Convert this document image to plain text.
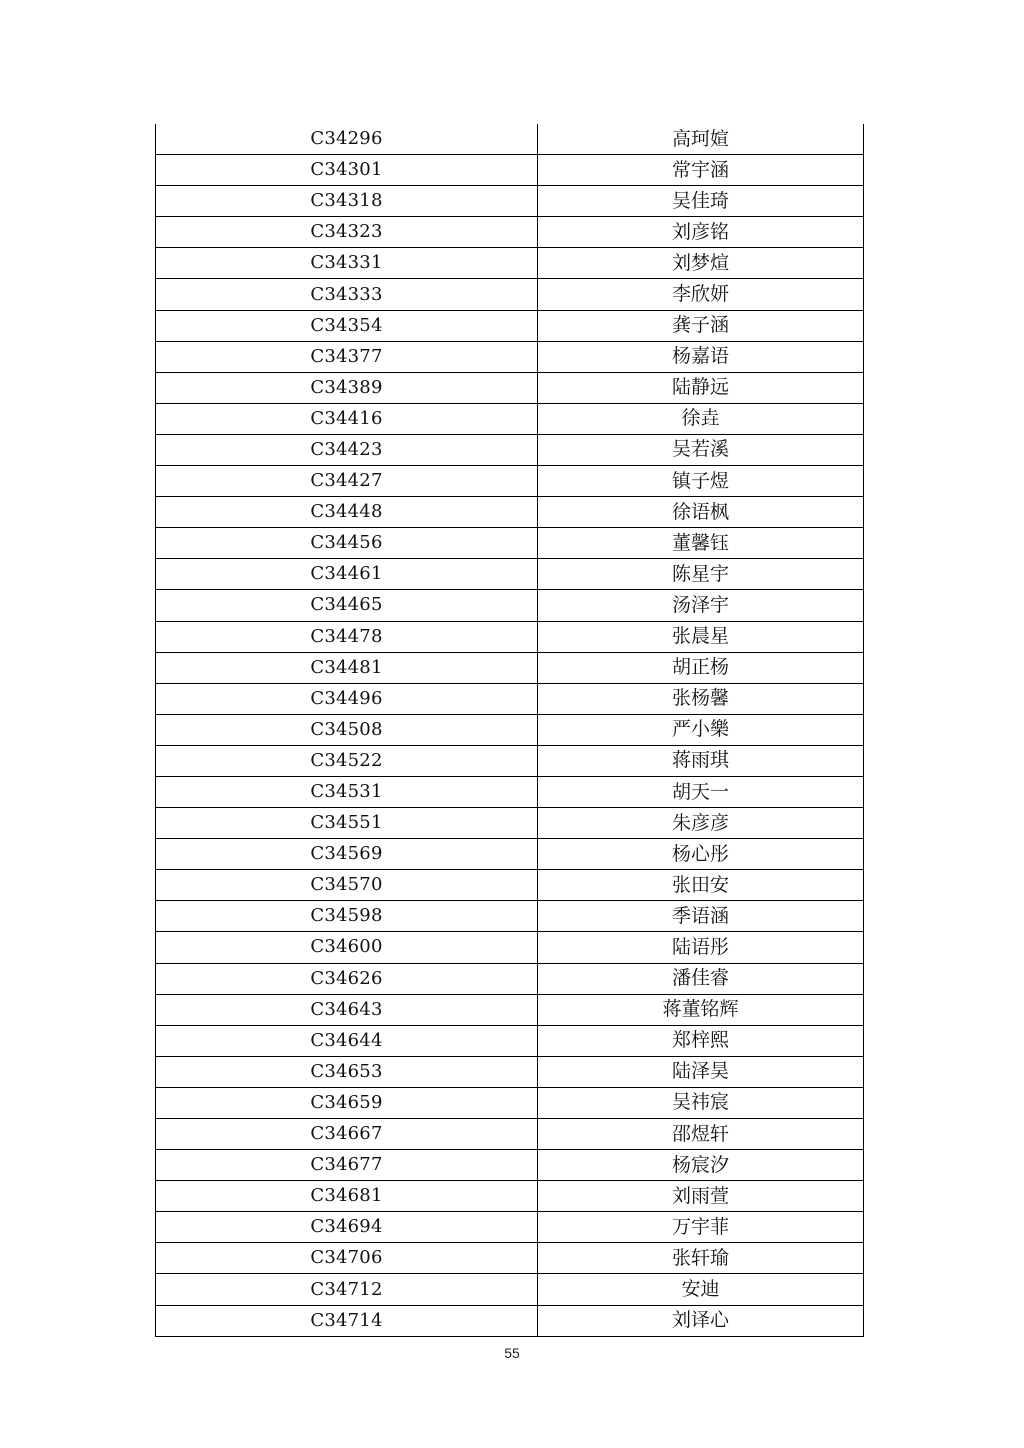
C34296	高珂媗
C34301	常宇涵
C34318	吴佳琦
C34323	刘彦铭
C34331	刘梦煊
C34333	李欣妍
C34354	龚子涵
C34377	杨嘉语
C34389	陆静远
C34416	徐垚
C34423	吴若溪
C34427	镇子煜
C34448	徐语枫
C34456	董馨钰
C34461	陈星宇
C34465	汤泽宇
C34478	张晨星
C34481	胡正杨
C34496	张杨馨
C34508	严小樂
C34522	蒋雨琪
C34531	胡天一
C34551	朱彦彦
C34569	杨心彤
C34570	张田安
C34598	季语涵
C34600	陆语彤
C34626	潘佳睿
C34643	蒋董铭辉
C34644	郑梓熙
C34653	陆泽昊
C34659	吴祎宸
C34667	邵煜轩
C34677	杨宸汐
C34681	刘雨萱
C34694	万宇菲
C34706	张轩瑜
C34712	安迪
C34714	刘译心
55
